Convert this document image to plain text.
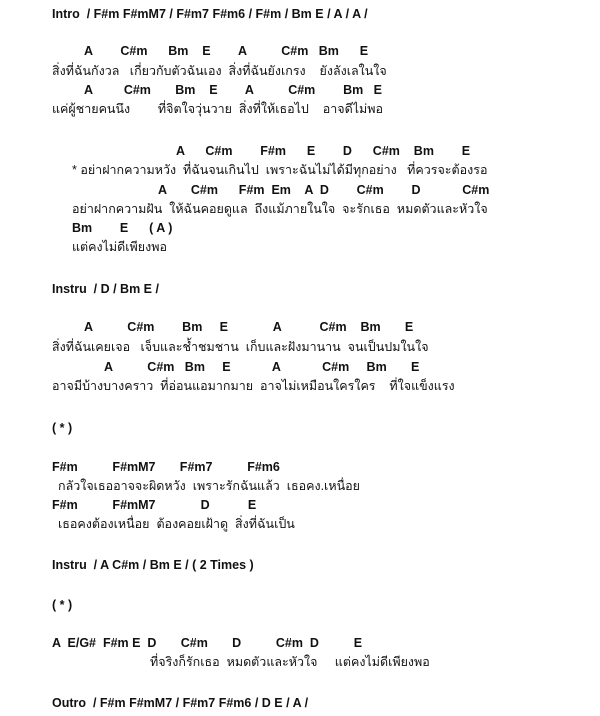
Intro  / F#m F#mM7 / F#m7 F#m6 / F#m / Bm E / A / A /
A        C#m      Bm    E        A          C#m   Bm      E
สิ่งที่ฉันกังวล   เกี่ยวกับตัวฉันเอง  สิ่งที่ฉันยังเกรง    ยังลังเลในใจ
A         C#m       Bm    E        A          C#m        Bm   E
แค่ผู้ชายคนนึง        ที่จิตใจวุ่นวาย  สิ่งที่ให้เธอไป    อาจดีไม่พอ
A      C#m        F#m      E        D      C#m    Bm        E
* อย่าฝากความหวัง  ที่ฉันจนเกินไป  เพราะฉันไม่ได้มีทุกอย่าง   ที่ควรจะต้องรอ
A       C#m      F#m  Em    A  D        C#m        D            C#m
อย่าฝากความฝัน  ให้ฉันคอยดูแล  ถึงแม้ภายในใจ  จะรักเธอ  หมดตัวและหัวใจ
Bm        E      ( A )
แต่คงไม่ดีเพียงพอ
Instru  / D / Bm E /
A          C#m        Bm     E             A           C#m    Bm       E
สิ่งที่ฉันเคยเจอ   เจ็บและช้ำชมชาน  เก็บและฝังมานาน  จนเป็นปมในใจ
A          C#m   Bm     E            A            C#m     Bm       E
อาจมีบ้างบางคราว  ที่อ่อนแอมากมาย  อาจไม่เหมือนใครใคร    ที่ใจแข็งแรง
( * )
F#m          F#mM7       F#m7          F#m6
กลัวใจเธออาจจะผิดหวัง  เพราะรักฉันแล้ว  เธอคง.เหนื่อย
F#m          F#mM7             D           E
เธอคงต้องเหนื่อย  ต้องคอยเฝ้าดู  สิ่งที่ฉันเป็น
Instru  / A C#m / Bm E / ( 2 Times )
( * )
A  E/G#  F#m E  D       C#m       D          C#m  D          E
ที่จริงก็รักเธอ  หมดตัวและหัวใจ     แต่คงไม่ดีเพียงพอ
Outro  / F#m F#mM7 / F#m7 F#m6 / D E / A /
